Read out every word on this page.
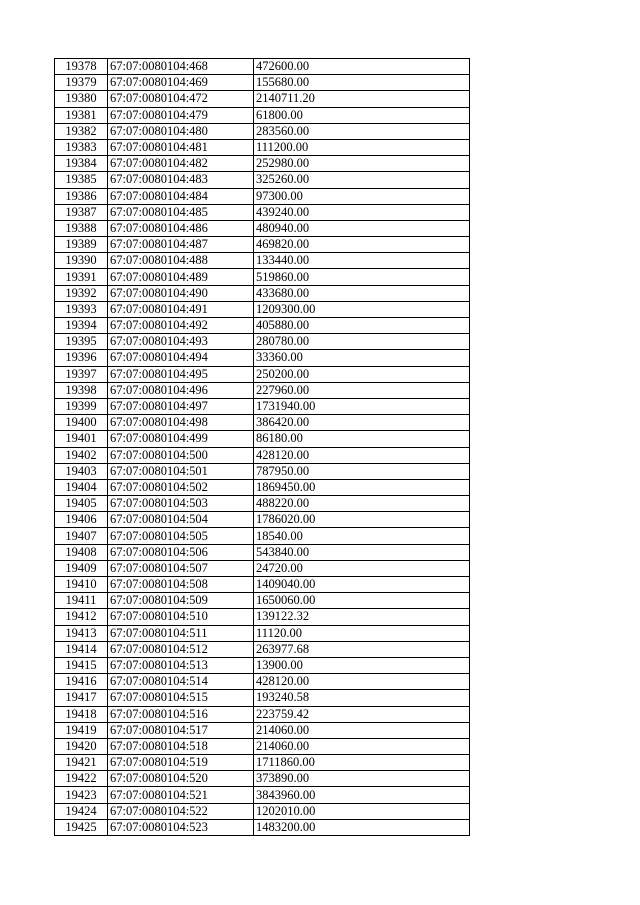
19378	67:07:0080104:468	472600.00
19379	67:07:0080104:469	155680.00
19380	67:07:0080104:472	2140711.20
19381	67:07:0080104:479	61800.00
19382	67:07:0080104:480	283560.00
19383	67:07:0080104:481	111200.00
19384	67:07:0080104:482	252980.00
19385	67:07:0080104:483	325260.00
19386	67:07:0080104:484	97300.00
19387	67:07:0080104:485	439240.00
19388	67:07:0080104:486	480940.00
19389	67:07:0080104:487	469820.00
19390	67:07:0080104:488	133440.00
19391	67:07:0080104:489	519860.00
19392	67:07:0080104:490	433680.00
19393	67:07:0080104:491	1209300.00
19394	67:07:0080104:492	405880.00
19395	67:07:0080104:493	280780.00
19396	67:07:0080104:494	33360.00
19397	67:07:0080104:495	250200.00
19398	67:07:0080104:496	227960.00
19399	67:07:0080104:497	1731940.00
19400	67:07:0080104:498	386420.00
19401	67:07:0080104:499	86180.00
19402	67:07:0080104:500	428120.00
19403	67:07:0080104:501	787950.00
19404	67:07:0080104:502	1869450.00
19405	67:07:0080104:503	488220.00
19406	67:07:0080104:504	1786020.00
19407	67:07:0080104:505	18540.00
19408	67:07:0080104:506	543840.00
19409	67:07:0080104:507	24720.00
19410	67:07:0080104:508	1409040.00
19411	67:07:0080104:509	1650060.00
19412	67:07:0080104:510	139122.32
19413	67:07:0080104:511	11120.00
19414	67:07:0080104:512	263977.68
19415	67:07:0080104:513	13900.00
19416	67:07:0080104:514	428120.00
19417	67:07:0080104:515	193240.58
19418	67:07:0080104:516	223759.42
19419	67:07:0080104:517	214060.00
19420	67:07:0080104:518	214060.00
19421	67:07:0080104:519	1711860.00
19422	67:07:0080104:520	373890.00
19423	67:07:0080104:521	3843960.00
19424	67:07:0080104:522	1202010.00
19425	67:07:0080104:523	1483200.00
